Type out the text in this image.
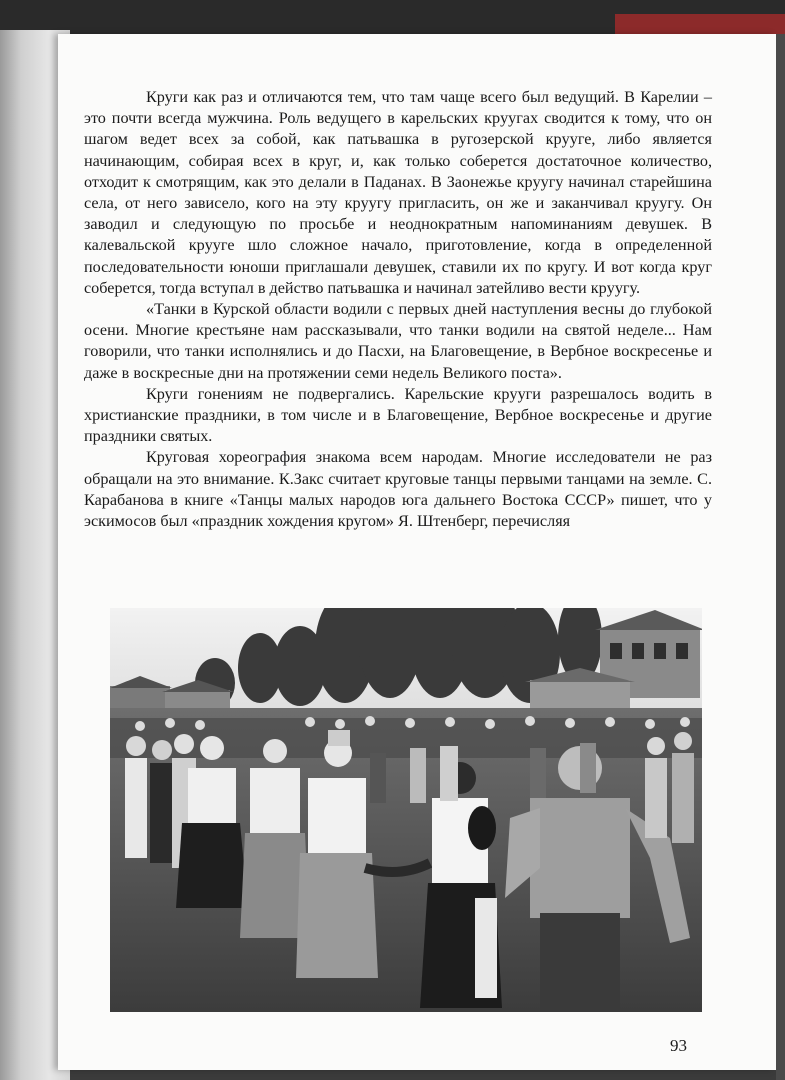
Круги как раз и отличаются тем, что там чаще всего был ведущий. В Карелии – это почти всегда мужчина. Роль ведущего в карельских крyугах сводится к тому, что он шагом ведет всех за собой, как патьвашка в ругозерской крyуге, либо является начинающим, собирая всех в круг, и, как только соберется достаточное количество, отходит к смотрящим, как это делали в Паданах. В Заонежье крyугу начинал старейшина села, от него зависело, кого на эту крyугу пригласить, он же и заканчивал крyугу. Он заводил и следующую по просьбе и неоднократным напоминаниям девушек. В калевальской крyуге шло сложное начало, приготовление, когда в определенной последовательности юноши приглашали девушек, ставили их по кругу. И вот когда круг соберется, тогда вступал в действо патьвашка и начинал затейливо вести крyугу.

«Танки в Курской области водили с первых дней наступления весны до глубокой осени. Многие крестьяне нам рассказывали, что танки водили на святой неделе... Нам говорили, что танки исполнялись и до Пасхи, на Благовещение, в Вербное воскресенье и даже в воскресные дни на протяжении семи недель Великого поста».

Круги гонениям не подвергались. Карельские крyуги разрешалось водить в христианские праздники, в том числе и в Благовещение, Вербное воскресенье и другие праздники святых.

Круговая хореография знакома всем народам. Многие исследователи не раз обращали на это внимание. К.Закс считает круговые танцы первыми танцами на земле. С. Карабанова в книге «Танцы малых народов юга дальнего Востока СССР» пишет, что у эскимосов был «праздник хождения кругом» Я. Штенберг, перечисляя

93
